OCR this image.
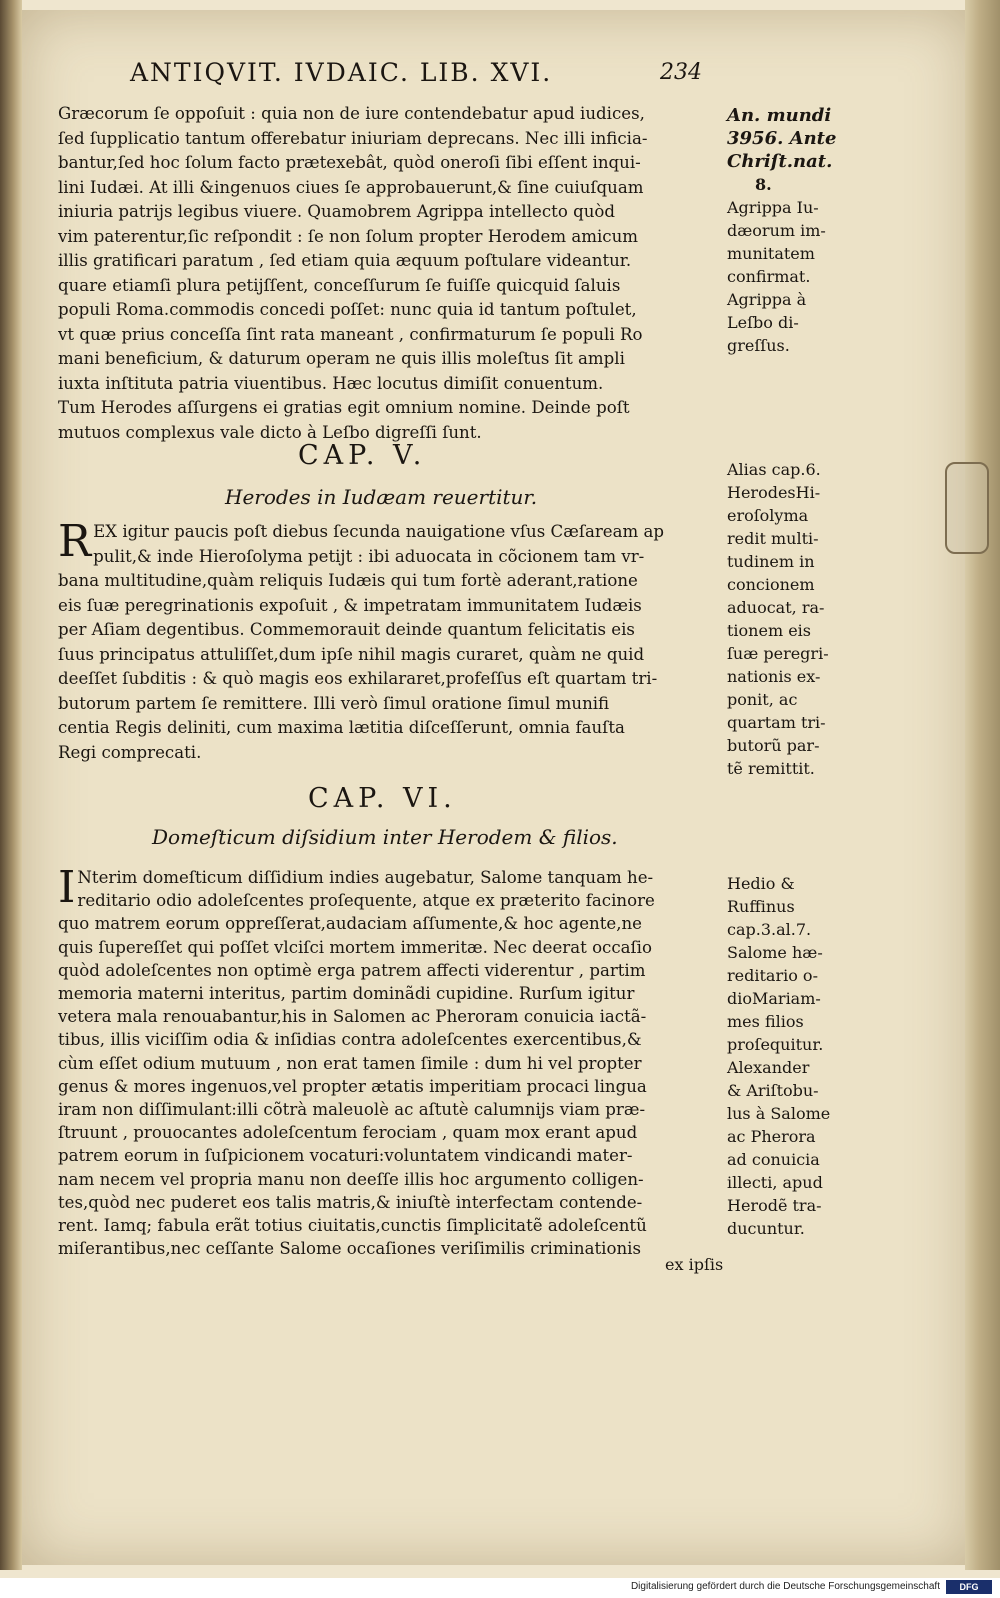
ANTIQVIT. IVDAIC. LIB. XVI.	234
Græcorum ſe oppoſuit : quia non de iure contendebatur apud iudices,
ſed ſupplicatio tantum offerebatur iniuriam deprecans. Nec illi inficia-
bantur,ſed hoc ſolum facto prætexebât, quòd oneroſi ſibi eſſent inqui-
lini Iudæi. At illi &ingenuos ciues ſe approbauerunt,& ſine cuiuſquam
iniuria patrijs legibus viuere. Quamobrem Agrippa intellecto quòd
vim paterentur,ſic reſpondit : ſe non ſolum propter Herodem amicum
illis gratificari paratum , ſed etiam quia æquum poſtulare videantur.
quare etiamſi plura petijſſent, conceſſurum ſe fuiſſe quicquid ſaluis
populi Roma.commodis concedi poſſet: nunc quia id tantum poſtulet,
vt quæ prius conceſſa ſint rata maneant , confirmaturum ſe populi Ro
mani beneficium, & daturum operam ne quis illis moleſtus ſit ampli
iuxta inſtituta patria viuentibus. Hæc locutus dimiſit conuentum.
Tum Herodes aſſurgens ei gratias egit omnium nomine. Deinde poſt
mutuos complexus vale dicto à Leſbo digreſſi ſunt.
An. mundi
3956. Ante
Chriſt.nat.
8.
Agrippa Iu-
dæorum im-
munitatem
confirmat.
Agrippa à
Leſbo di-
greſſus.
CAP. V.
Herodes in Iudæam reuertitur.
R EX igitur paucis poſt diebus ſecunda nauigatione vſus Cæſaream ap
pulit,& inde Hieroſolyma petijt : ibi aduocata in cõcionem tam vr-
bana multitudine,quàm reliquis Iudæis qui tum fortè aderant,ratione
eis ſuæ peregrinationis expoſuit , & impetratam immunitatem Iudæis
per Aſiam degentibus. Commemorauit deinde quantum felicitatis eis
ſuus principatus attuliſſet,dum ipſe nihil magis curaret, quàm ne quid
deeſſet ſubditis : & quò magis eos exhilararet,profeſſus eſt quartam tri-
butorum partem ſe remittere. Illi verò ſimul oratione ſimul munifi
centia Regis deliniti, cum maxima lætitia diſceſſerunt, omnia fauſta
Regi comprecati.
Alias cap.6.
HerodesHi-
eroſolyma
redit multi-
tudinem in
concionem
aduocat, ra-
tionem eis
ſuæ peregri-
nationis ex-
ponit, ac
quartam tri-
butorũ par-
tẽ remittit.
CAP. VI.
Domeſticum diſsidium inter Herodem & filios.
I Nterim domeſticum diſſidium indies augebatur, Salome tanquam he-
reditario odio adoleſcentes proſequente, atque ex præterito facinore
quo matrem eorum oppreſſerat,audaciam aſſumente,& hoc agente,ne
quis ſupereſſet qui poſſet vlciſci mortem immeritæ. Nec deerat occaſio
quòd adoleſcentes non optimè erga patrem affecti viderentur , partim
memoria materni interitus, partim dominãdi cupidine. Rurſum igitur
vetera mala renouabantur,his in Salomen ac Pheroram conuicia iactã-
tibus, illis viciſſim odia & inſidias contra adoleſcentes exercentibus,&
cùm eſſet odium mutuum , non erat tamen ſimile : dum hi vel propter
genus & mores ingenuos,vel propter ætatis imperitiam procaci lingua
iram non diſſimulant:illi cõtrà maleuolè ac aſtutè calumnijs viam præ-
ſtruunt , prouocantes adoleſcentum ferociam , quam mox erant apud
patrem eorum in ſuſpicionem vocaturi:voluntatem vindicandi mater-
nam necem vel propria manu non deeſſe illis hoc argumento colligen-
tes,quòd nec puderet eos talis matris,& iniuſtè interfectam contende-
rent. Iamq; fabula erãt totius ciuitatis,cunctis ſimplicitatẽ adoleſcentũ
miſerantibus,nec ceſſante Salome occaſiones veriſimilis criminationis
ex ipſis
Hedio &
Ruffinus
cap.3.al.7.
Salome hæ-
reditario o-
dioMariam-
mes filios
proſequitur.
Alexander
& Ariſtobu-
lus à Salome
ac Pherora
ad conuicia
illecti, apud
Herodẽ tra-
ducuntur.
Digitalisierung gefördert durch die Deutsche Forschungsgemeinschaft	DFG
